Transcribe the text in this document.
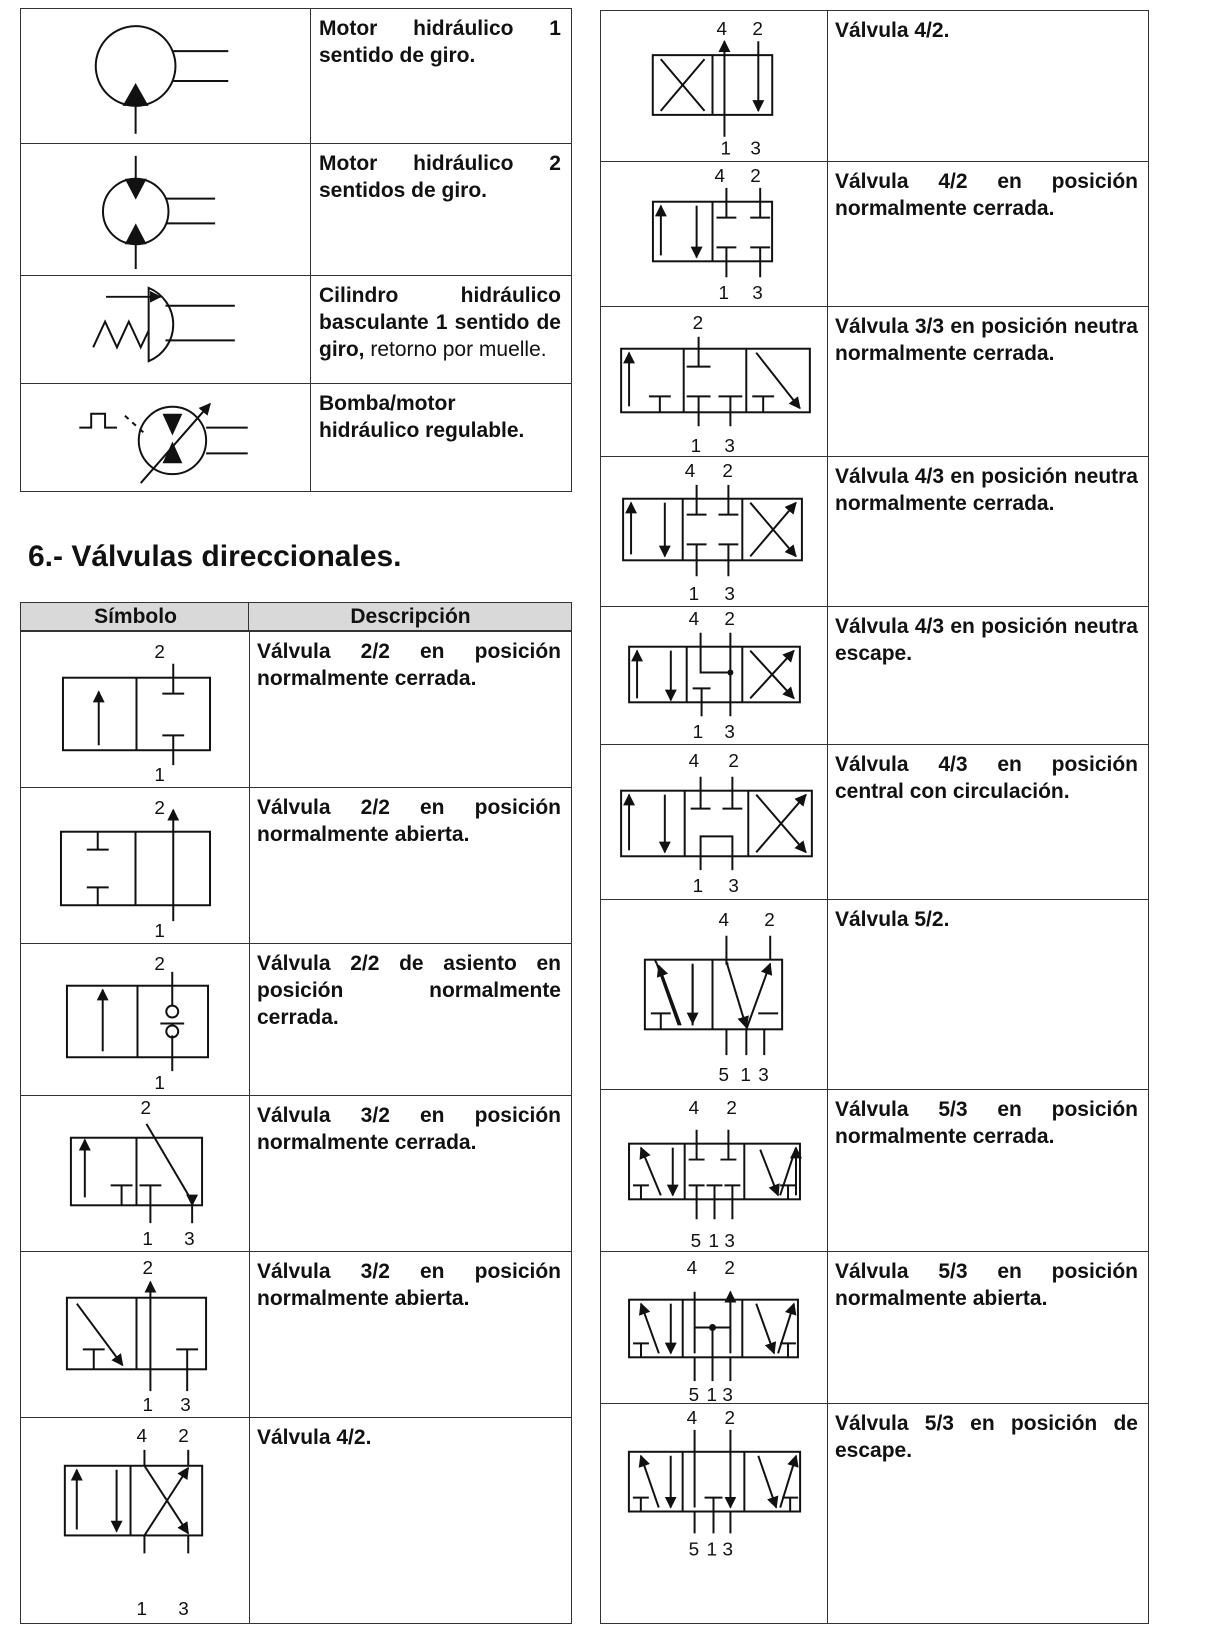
Motor hidráulico 1 sentido de giro.
Motor hidráulico 2 sentidos de giro.
Cilindro hidráulico basculante 1 sentido de giro, retorno por muelle.
Bomba/motor hidráulico regulable.
6.- Válvulas direccionales.
Símbolo	Descripción
2
1
Válvula 2/2 en posición normalmente cerrada.
2
1
Válvula 2/2 en posición normalmente abierta.
2
1
Válvula 2/2 de asiento en posición normalmente cerrada.
2
1 3
Válvula 3/2 en posición normalmente cerrada.
2
1 3
Válvula 3/2 en posición normalmente abierta.
4 2
1 3
Válvula 4/2.
4 2
1 3
Válvula 4/2.
4 2
1 3
Válvula 4/2 en posición normalmente cerrada.
2
1 3
Válvula 3/3 en posición neutra normalmente cerrada.
4 2
1 3
Válvula 4/3 en posición neutra normalmente cerrada.
4 2
1 3
Válvula 4/3 en posición neutra escape.
4 2
1 3
Válvula 4/3 en posición central con circulación.
4 2
5 1 3
Válvula 5/2.
4 2
5 1 3
Válvula 5/3 en posición normalmente cerrada.
4 2
5 1 3
Válvula 5/3 en posición normalmente abierta.
4 2
5 1 3
Válvula 5/3 en posición de escape.
